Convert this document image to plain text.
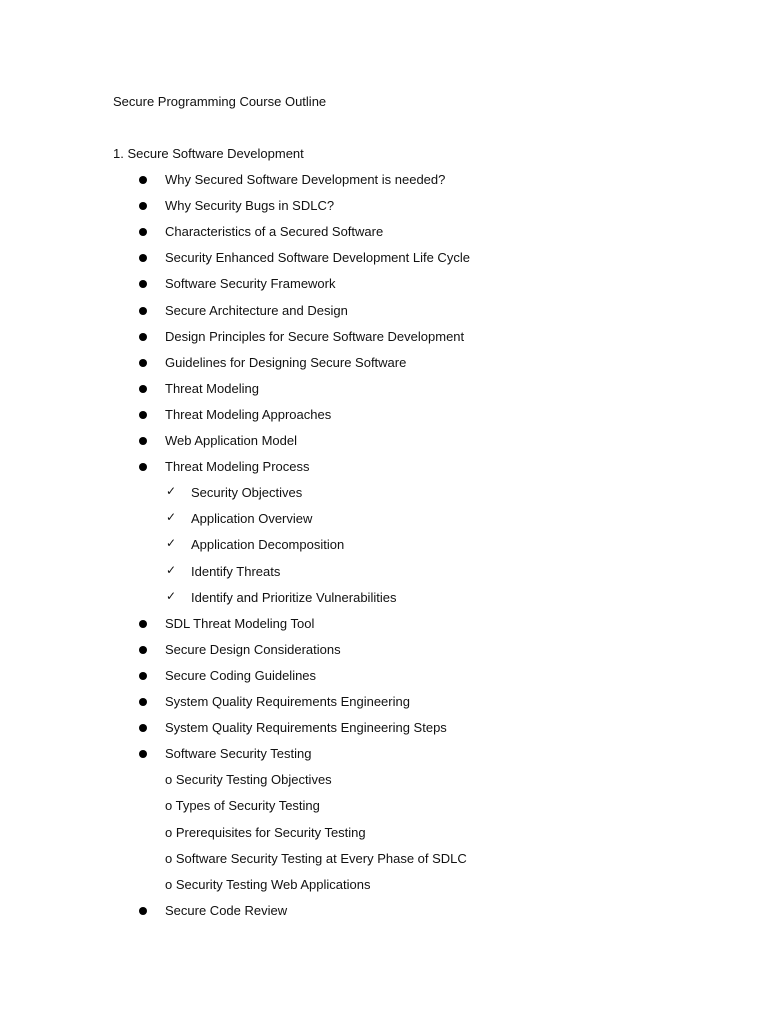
Secure Programming Course Outline
1. Secure Software Development
Why Secured Software Development is needed?
Why Security Bugs in SDLC?
Characteristics of a Secured Software
Security Enhanced Software Development Life Cycle
Software Security Framework
Secure Architecture and Design
Design Principles for Secure Software Development
Guidelines for Designing Secure Software
Threat Modeling
Threat Modeling Approaches
Web Application Model
Threat Modeling Process
✓ Security Objectives
✓ Application Overview
✓ Application Decomposition
✓ Identify Threats
✓ Identify and Prioritize Vulnerabilities
SDL Threat Modeling Tool
Secure Design Considerations
Secure Coding Guidelines
System Quality Requirements Engineering
System Quality Requirements Engineering Steps
Software Security Testing
o Security Testing Objectives
o Types of Security Testing
o Prerequisites for Security Testing
o Software Security Testing at Every Phase of SDLC
o Security Testing Web Applications
Secure Code Review
